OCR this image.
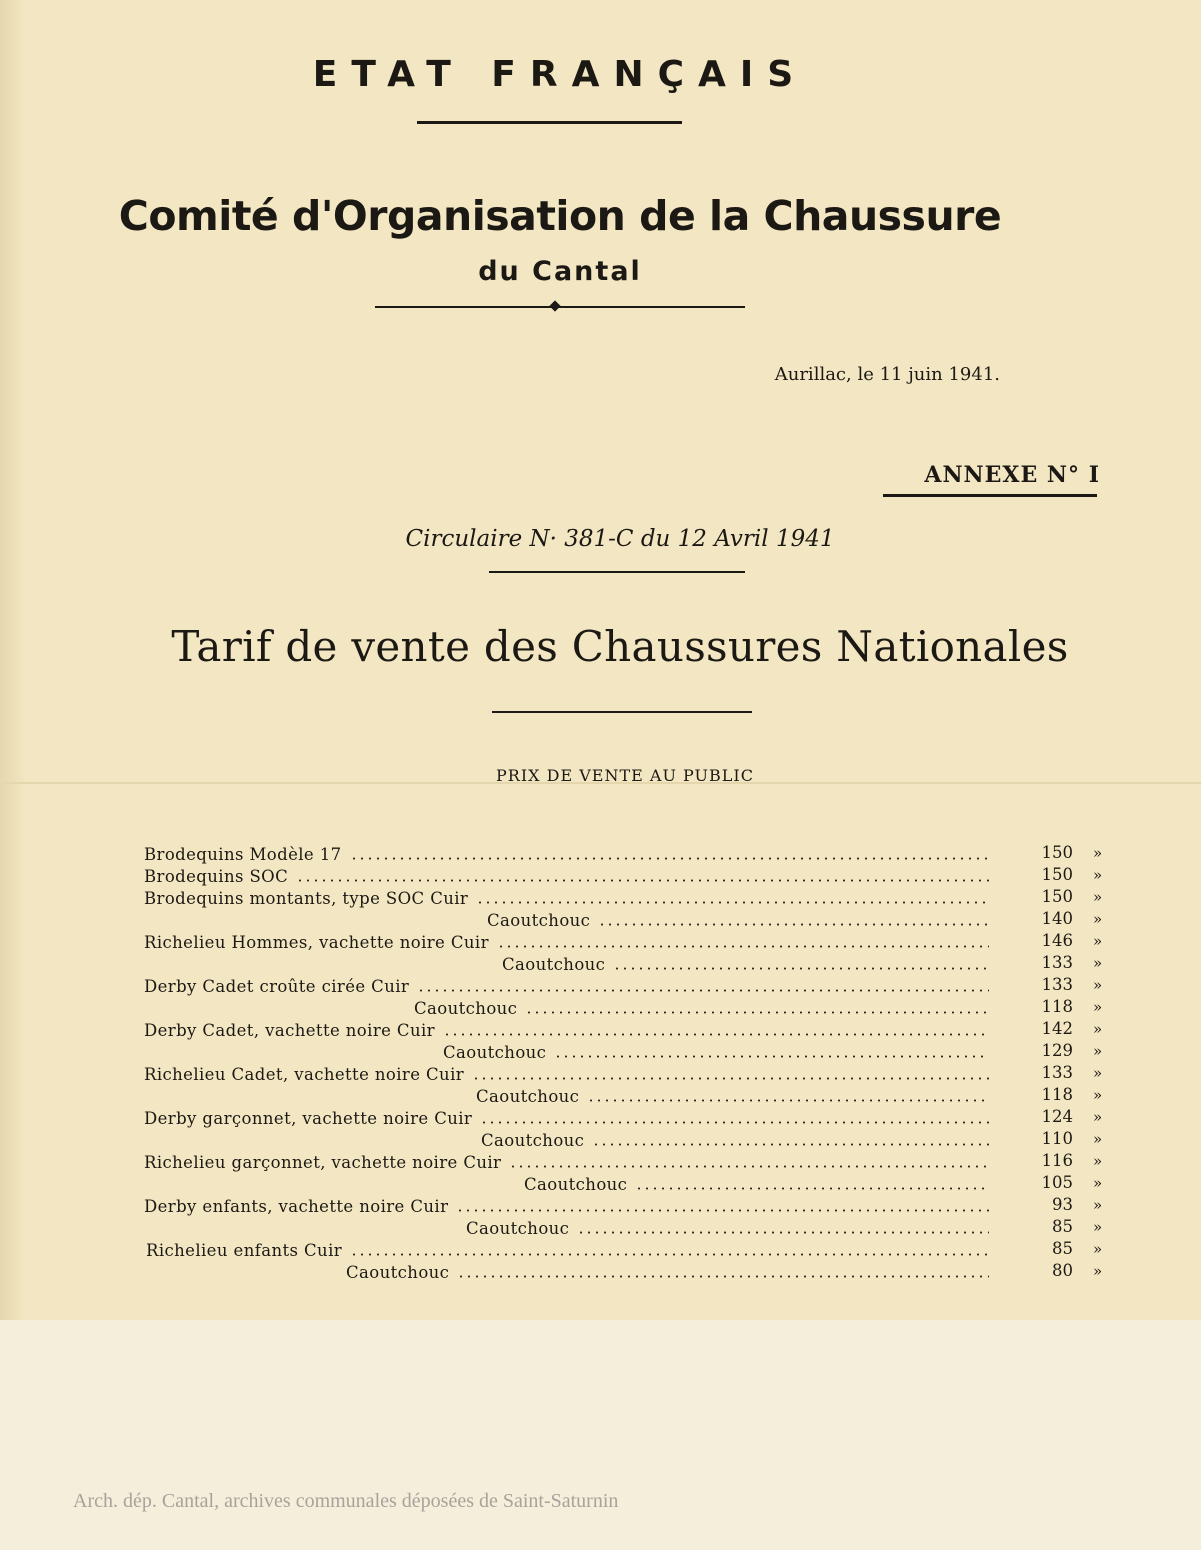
ETAT FRANÇAIS
Comité d'Organisation de la Chaussure
du Cantal
Aurillac, le 11 juin 1941.
ANNEXE N° I
Circulaire N· 381-C du 12 Avril 1941
Tarif de vente des Chaussures Nationales
PRIX DE VENTE AU PUBLIC
Brodequins Modèle 17	150 »
Brodequins SOC	150 »
Brodequins montants, type SOC Cuir	150 »
Caoutchouc	140 »
Richelieu Hommes, vachette noire Cuir	146 »
Caoutchouc	133 »
Derby Cadet croûte cirée Cuir	133 »
Caoutchouc	118 »
Derby Cadet, vachette noire Cuir	142 »
Caoutchouc	129 »
Richelieu Cadet, vachette noire Cuir	133 »
Caoutchouc	118 »
Derby garçonnet, vachette noire Cuir	124 »
Caoutchouc	110 »
Richelieu garçonnet, vachette noire Cuir	116 »
Caoutchouc	105 »
Derby enfants, vachette noire Cuir	93 »
Caoutchouc	85 »
Richelieu enfants Cuir	85 »
Caoutchouc	80 »
Arch. dép. Cantal, archives communales déposées de Saint-Saturnin
